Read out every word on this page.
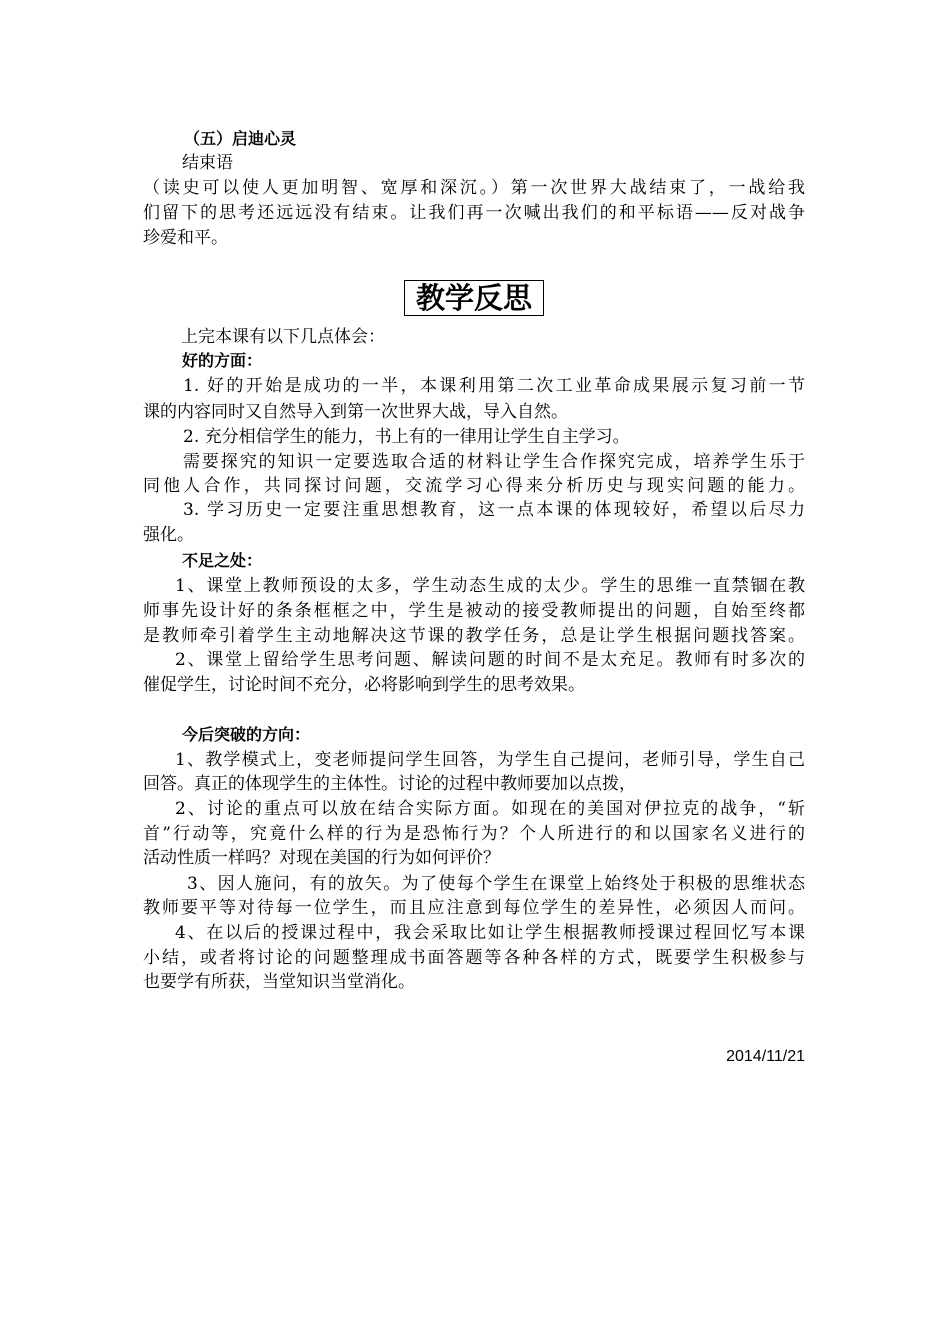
（五）启迪心灵
结束语
（读史可以使人更加明智、宽厚和深沉。）第一次世界大战结束了，一战给我
们留下的思考还远远没有结束。让我们再一次喊出我们的和平标语——反对战争
珍爱和平。
教学反思
上完本课有以下几点体会：
好的方面：
1. 好的开始是成功的一半，本课利用第二次工业革命成果展示复习前一节
课的内容同时又自然导入到第一次世界大战，导入自然。
2. 充分相信学生的能力，书上有的一律用让学生自主学习。
需要探究的知识一定要选取合适的材料让学生合作探究完成，培养学生乐于
同他人合作，共同探讨问题，交流学习心得来分析历史与现实问题的能力。
3. 学习历史一定要注重思想教育，这一点本课的体现较好，希望以后尽力
强化。
不足之处：
1、课堂上教师预设的太多，学生动态生成的太少。学生的思维一直禁锢在教
师事先设计好的条条框框之中，学生是被动的接受教师提出的问题，自始至终都
是教师牵引着学生主动地解决这节课的教学任务，总是让学生根据问题找答案。
2、课堂上留给学生思考问题、解读问题的时间不是太充足。教师有时多次的
催促学生，讨论时间不充分，必将影响到学生的思考效果。
今后突破的方向：
1、教学模式上，变老师提问学生回答，为学生自己提问，老师引导，学生自己
回答。真正的体现学生的主体性。讨论的过程中教师要加以点拨，
2、讨论的重点可以放在结合实际方面。如现在的美国对伊拉克的战争，“斩
首”行动等，究竟什么样的行为是恐怖行为？个人所进行的和以国家名义进行的
活动性质一样吗？对现在美国的行为如何评价？
3、因人施问，有的放矢。为了使每个学生在课堂上始终处于积极的思维状态
教师要平等对待每一位学生，而且应注意到每位学生的差异性，必须因人而问。
4、在以后的授课过程中，我会采取比如让学生根据教师授课过程回忆写本课
小结，或者将讨论的问题整理成书面答题等各种各样的方式，既要学生积极参与
也要学有所获，当堂知识当堂消化。
2014/11/21
